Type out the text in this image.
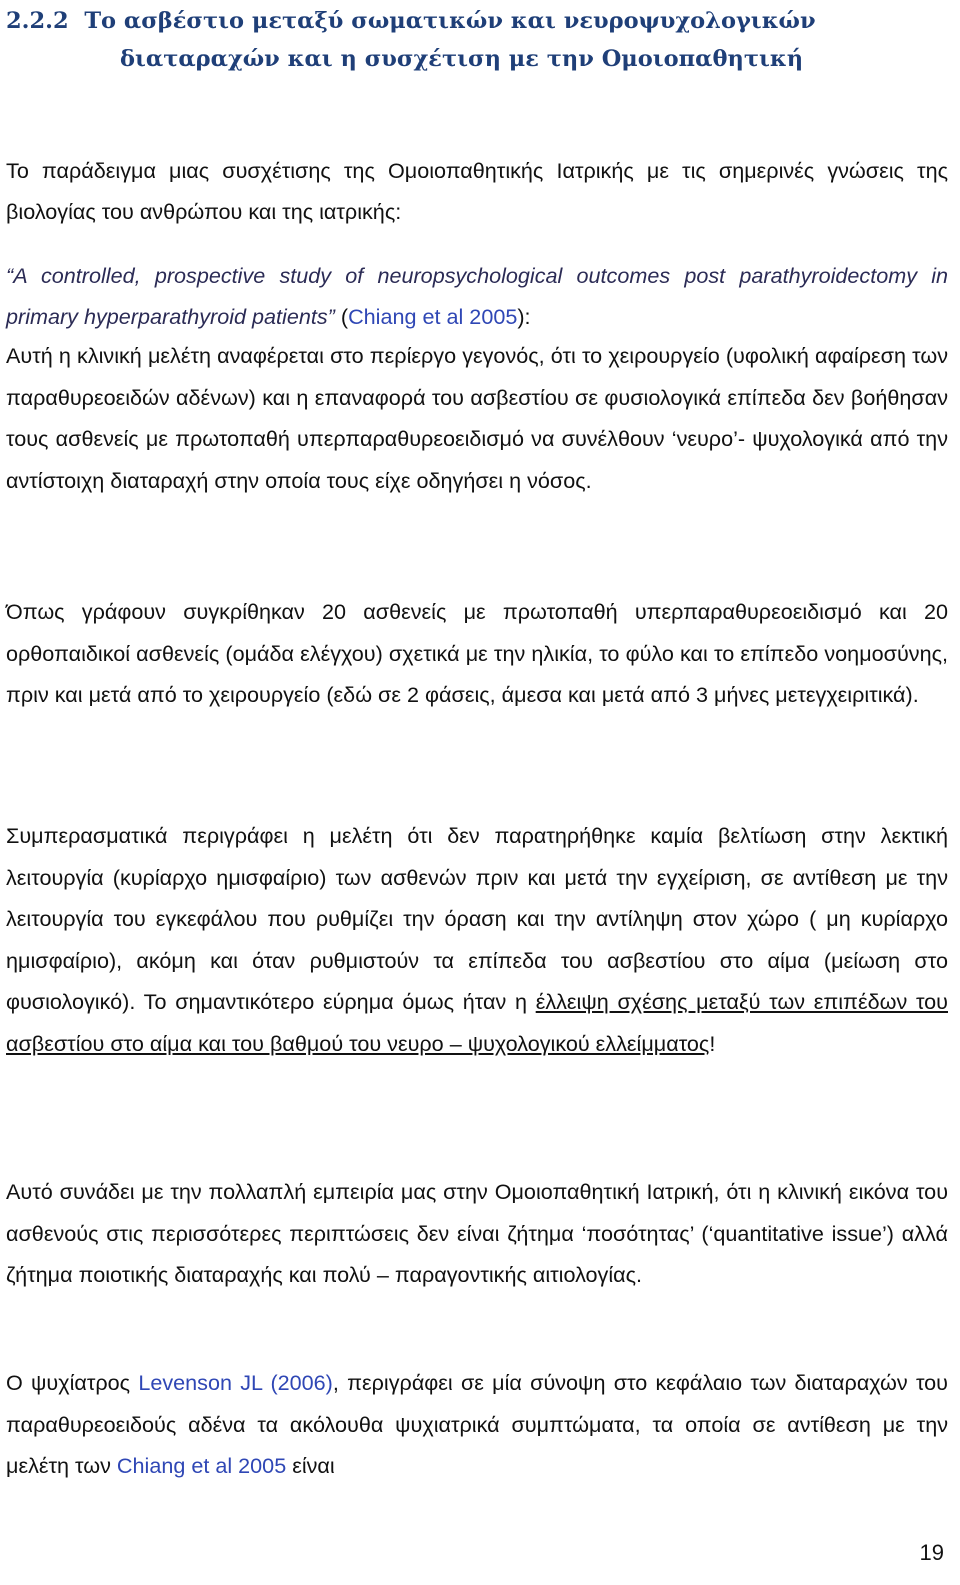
2.2.2 Το ασβέστιο μεταξύ σωματικών και νευροψυχολογικών
διαταραχών και η συσχέτιση με την Ομοιοπαθητική

Το παράδειγμα μιας συσχέτισης της Ομοιοπαθητικής Ιατρικής με τις σημερινές γνώσεις της βιολογίας του ανθρώπου και της ιατρικής:

“A controlled, prospective study of neuropsychological outcomes post parathyroidectomy in primary hyperparathyroid patients” (Chiang et al 2005):

Αυτή η κλινική μελέτη αναφέρεται στο περίεργο γεγονός, ότι το χειρουργείο (υφολική αφαίρεση των παραθυρεοειδών αδένων) και η επαναφορά του ασβεστίου σε φυσιολογικά επίπεδα δεν βοήθησαν τους ασθενείς με πρωτοπαθή υπερπαραθυρεοειδισμό να συνέλθουν ‘νευρο’- ψυχολογικά από την αντίστοιχη διαταραχή στην οποία τους είχε οδηγήσει η νόσος.

Όπως γράφουν συγκρίθηκαν 20 ασθενείς με πρωτοπαθή υπερπαραθυρεοειδισμό και 20 ορθοπαιδικοί ασθενείς (ομάδα ελέγχου) σχετικά με την ηλικία, το φύλο και το επίπεδο νοημοσύνης, πριν και μετά από το χειρουργείο (εδώ σε 2 φάσεις, άμεσα και μετά από 3 μήνες μετεγχειριτικά).

Συμπερασματικά περιγράφει η μελέτη ότι δεν παρατηρήθηκε καμία βελτίωση στην λεκτική λειτουργία (κυρίαρχο ημισφαίριο) των ασθενών πριν και μετά την εγχείριση, σε αντίθεση με την λειτουργία του εγκεφάλου που ρυθμίζει την όραση και την αντίληψη στον χώρο ( μη κυρίαρχο ημισφαίριο), ακόμη και όταν ρυθμιστούν τα επίπεδα του ασβεστίου στο αίμα (μείωση στο φυσιολογικό). Το σημαντικότερο εύρημα όμως ήταν η έλλειψη σχέσης μεταξύ των επιπέδων του ασβεστίου στο αίμα και του βαθμού του νευρο – ψυχολογικού ελλείμματος!

Αυτό συνάδει με την πολλαπλή εμπειρία μας στην Ομοιοπαθητική Ιατρική, ότι η κλινική εικόνα του ασθενούς στις περισσότερες περιπτώσεις δεν είναι ζήτημα ‘ποσότητας’ (‘quantitative issue’) αλλά ζήτημα ποιοτικής διαταραχής και πολύ – παραγοντικής αιτιολογίας.

Ο ψυχίατρος Levenson JL (2006), περιγράφει σε μία σύνοψη στο κεφάλαιο των διαταραχών του παραθυρεοειδούς αδένα τα ακόλουθα ψυχιατρικά συμπτώματα, τα οποία σε αντίθεση με την μελέτη των Chiang et al 2005 είναι

19
